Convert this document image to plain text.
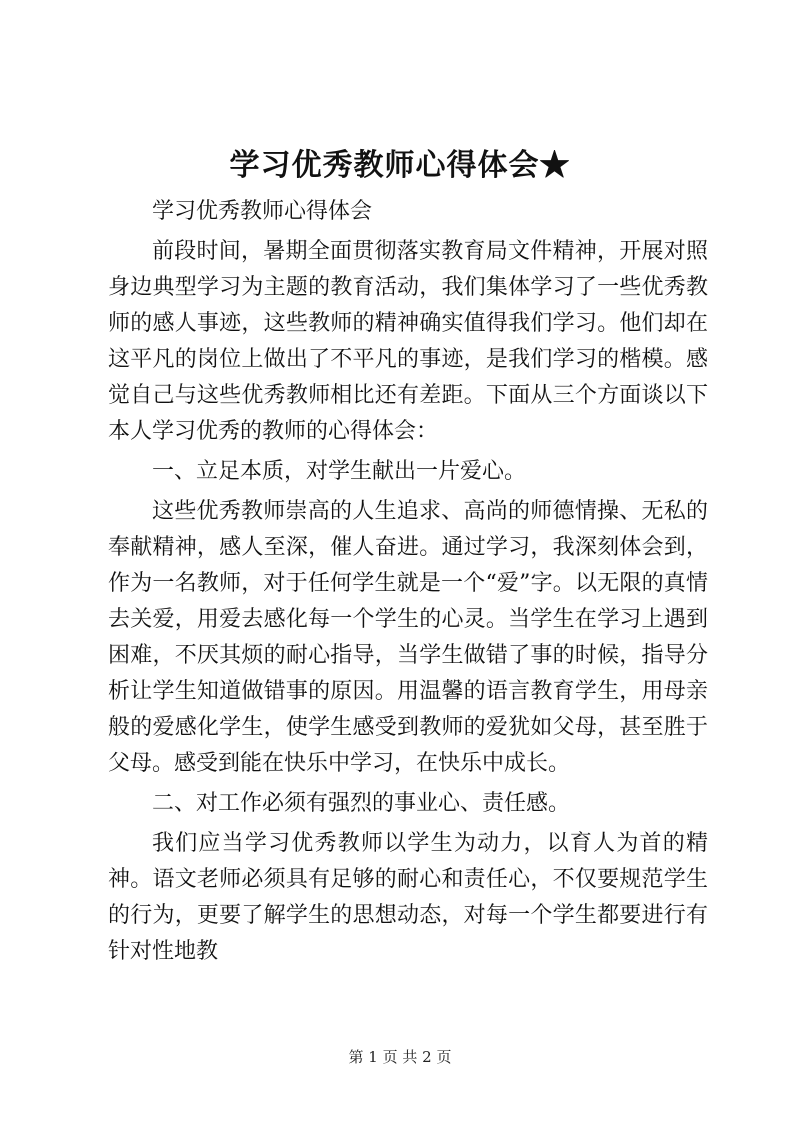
学习优秀教师心得体会★

学习优秀教师心得体会

前段时间，暑期全面贯彻落实教育局文件精神，开展对照身边典型学习为主题的教育活动，我们集体学习了一些优秀教师的感人事迹，这些教师的精神确实值得我们学习。他们却在这平凡的岗位上做出了不平凡的事迹，是我们学习的楷模。感觉自己与这些优秀教师相比还有差距。下面从三个方面谈以下本人学习优秀的教师的心得体会：

一、立足本质，对学生献出一片爱心。

这些优秀教师崇高的人生追求、高尚的师德情操、无私的奉献精神，感人至深，催人奋进。通过学习，我深刻体会到，作为一名教师，对于任何学生就是一个“爱”字。以无限的真情去关爱，用爱去感化每一个学生的心灵。当学生在学习上遇到困难，不厌其烦的耐心指导，当学生做错了事的时候，指导分析让学生知道做错事的原因。用温馨的语言教育学生，用母亲般的爱感化学生，使学生感受到教师的爱犹如父母，甚至胜于父母。感受到能在快乐中学习，在快乐中成长。

二、对工作必须有强烈的事业心、责任感。

我们应当学习优秀教师以学生为动力，以育人为首的精神。语文老师必须具有足够的耐心和责任心，不仅要规范学生的行为，更要了解学生的思想动态，对每一个学生都要进行有针对性地教

第 1 页 共 2 页
